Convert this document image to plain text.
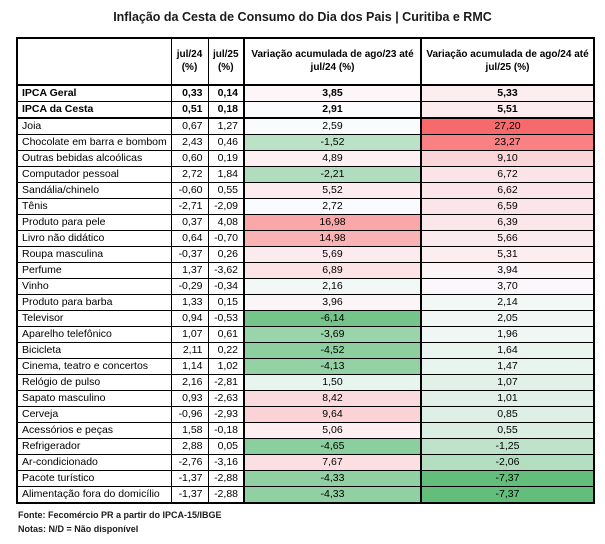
Inflação da Cesta de Consumo do Dia dos Pais | Curitiba e RMC
	jul/24 (%)	jul/25 (%)	Variação acumulada de ago/23 até jul/24 (%)	Variação acumulada de ago/24 até jul/25 (%)
IPCA Geral	0,33	0,14	3,85	5,33
IPCA da Cesta	0,51	0,18	2,91	5,51
Joia	0,67	1,27	2,59	27,20
Chocolate em barra e bombom	2,43	0,46	-1,52	23,27
Outras bebidas alcoólicas	0,60	0,19	4,89	9,10
Computador pessoal	2,72	1,84	-2,21	6,72
Sandália/chinelo	-0,60	0,55	5,52	6,62
Tênis	-2,71	-2,09	2,72	6,59
Produto para pele	0,37	4,08	16,98	6,39
Livro não didático	0,64	-0,70	14,98	5,66
Roupa masculina	-0,37	0,26	5,69	5,31
Perfume	1,37	-3,62	6,89	3,94
Vinho	-0,29	-0,34	2,16	3,70
Produto para barba	1,33	0,15	3,96	2,14
Televisor	0,94	-0,53	-6,14	2,05
Aparelho telefônico	1,07	0,61	-3,69	1,96
Bicicleta	2,11	0,22	-4,52	1,64
Cinema, teatro e concertos	1,14	1,02	-4,13	1,47
Relógio de pulso	2,16	-2,81	1,50	1,07
Sapato masculino	0,93	-2,63	8,42	1,01
Cerveja	-0,96	-2,93	9,64	0,85
Acessórios e peças	1,58	-0,18	5,06	0,55
Refrigerador	2,88	0,05	-4,65	-1,25
Ar-condicionado	-2,76	-3,16	7,67	-2,06
Pacote turístico	-1,37	-2,88	-4,33	-7,37
Alimentação fora do domicílio	-1,37	-2,88	-4,33	-7,37
Fonte: Fecomércio PR a partir do IPCA-15/IBGE
Notas: N/D = Não disponível
